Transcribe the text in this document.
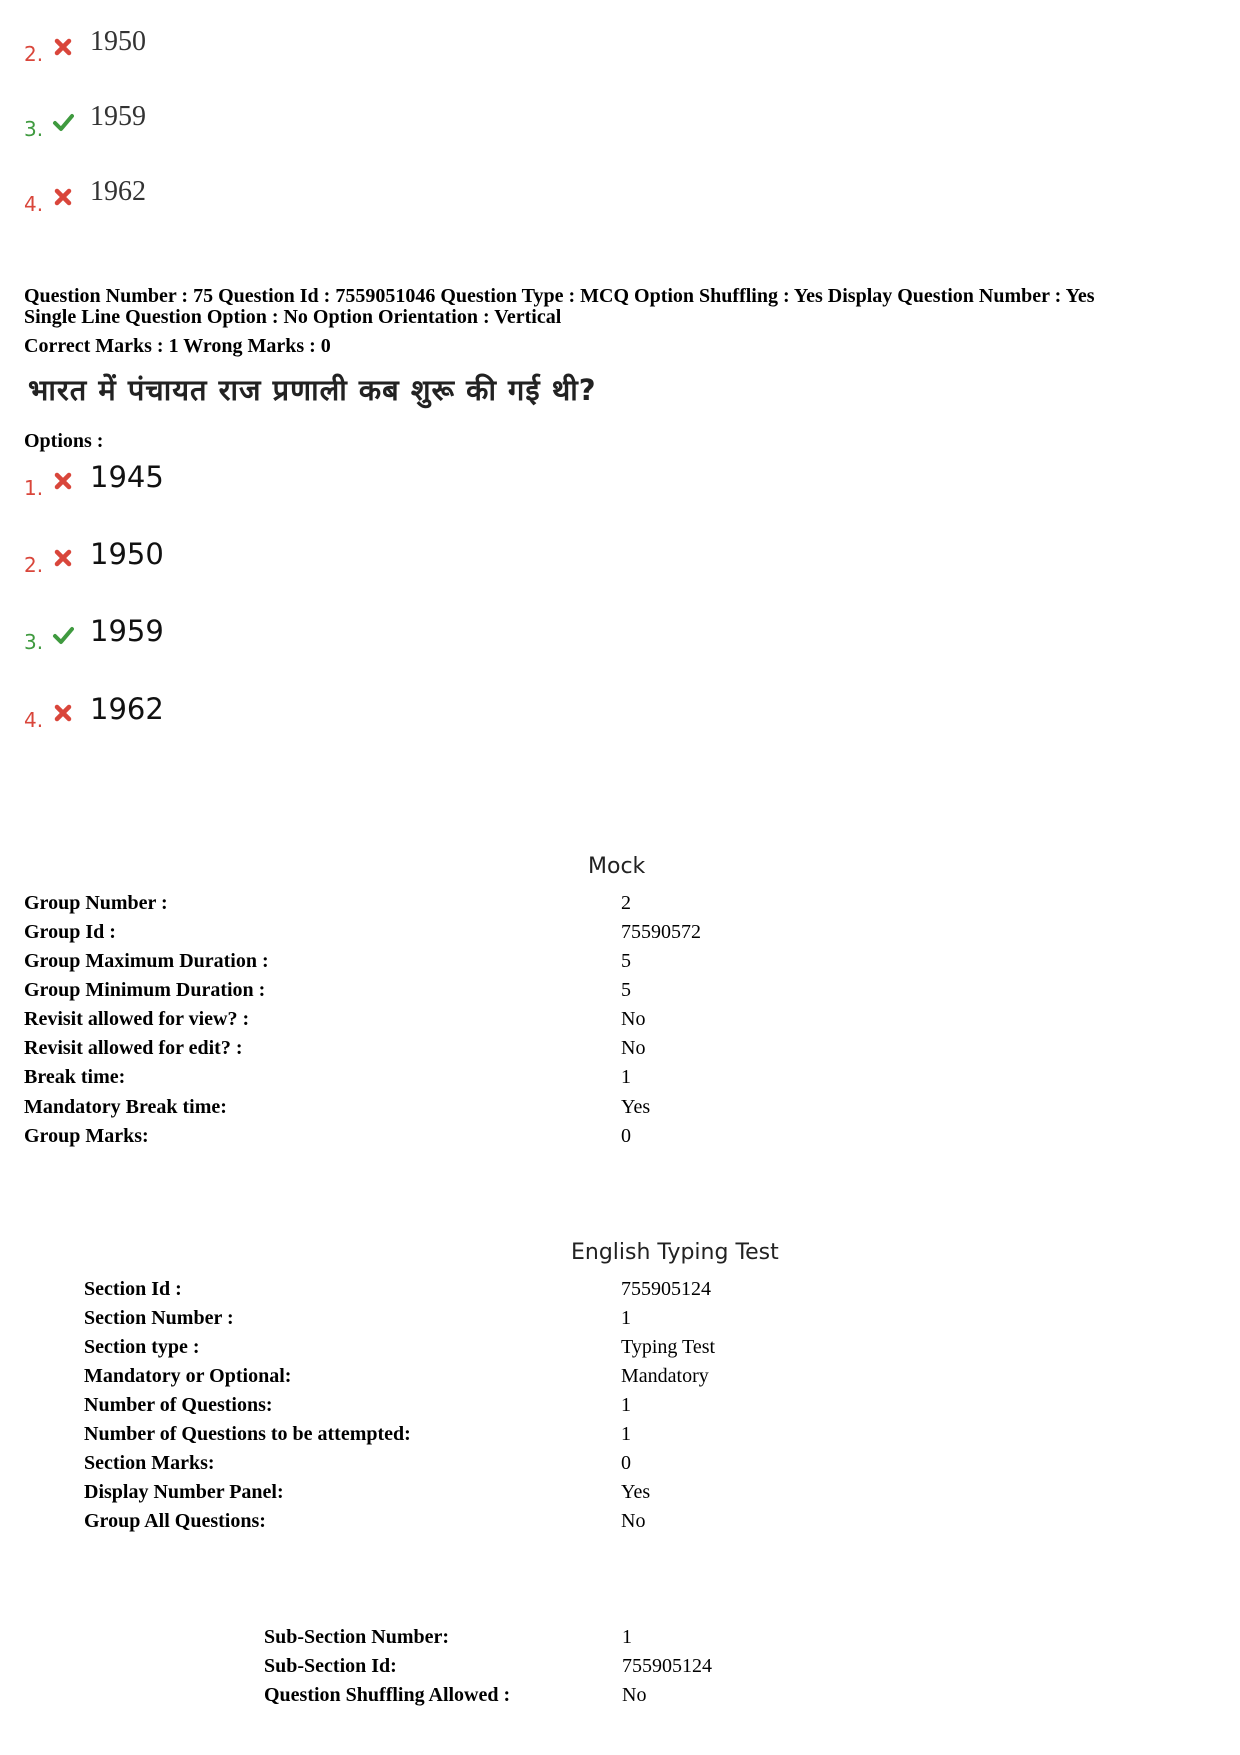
2. 1950
3. 1959
4. 1962
Question Number : 75 Question Id : 7559051046 Question Type : MCQ Option Shuffling : Yes Display Question Number : Yes
Single Line Question Option : No Option Orientation : Vertical
Correct Marks : 1 Wrong Marks : 0
भारत में पंचायत राज प्रणाली कब शुरू की गई थी?
Options :
1. 1945
2. 1950
3. 1959
4. 1962
Mock
Group Number :	2
Group Id :	75590572
Group Maximum Duration :	5
Group Minimum Duration :	5
Revisit allowed for view? :	No
Revisit allowed for edit? :	No
Break time:	1
Mandatory Break time:	Yes
Group Marks:	0
English Typing Test
Section Id :	755905124
Section Number :	1
Section type :	Typing Test
Mandatory or Optional:	Mandatory
Number of Questions:	1
Number of Questions to be attempted:	1
Section Marks:	0
Display Number Panel:	Yes
Group All Questions:	No
Sub-Section Number:	1
Sub-Section Id:	755905124
Question Shuffling Allowed :	No
